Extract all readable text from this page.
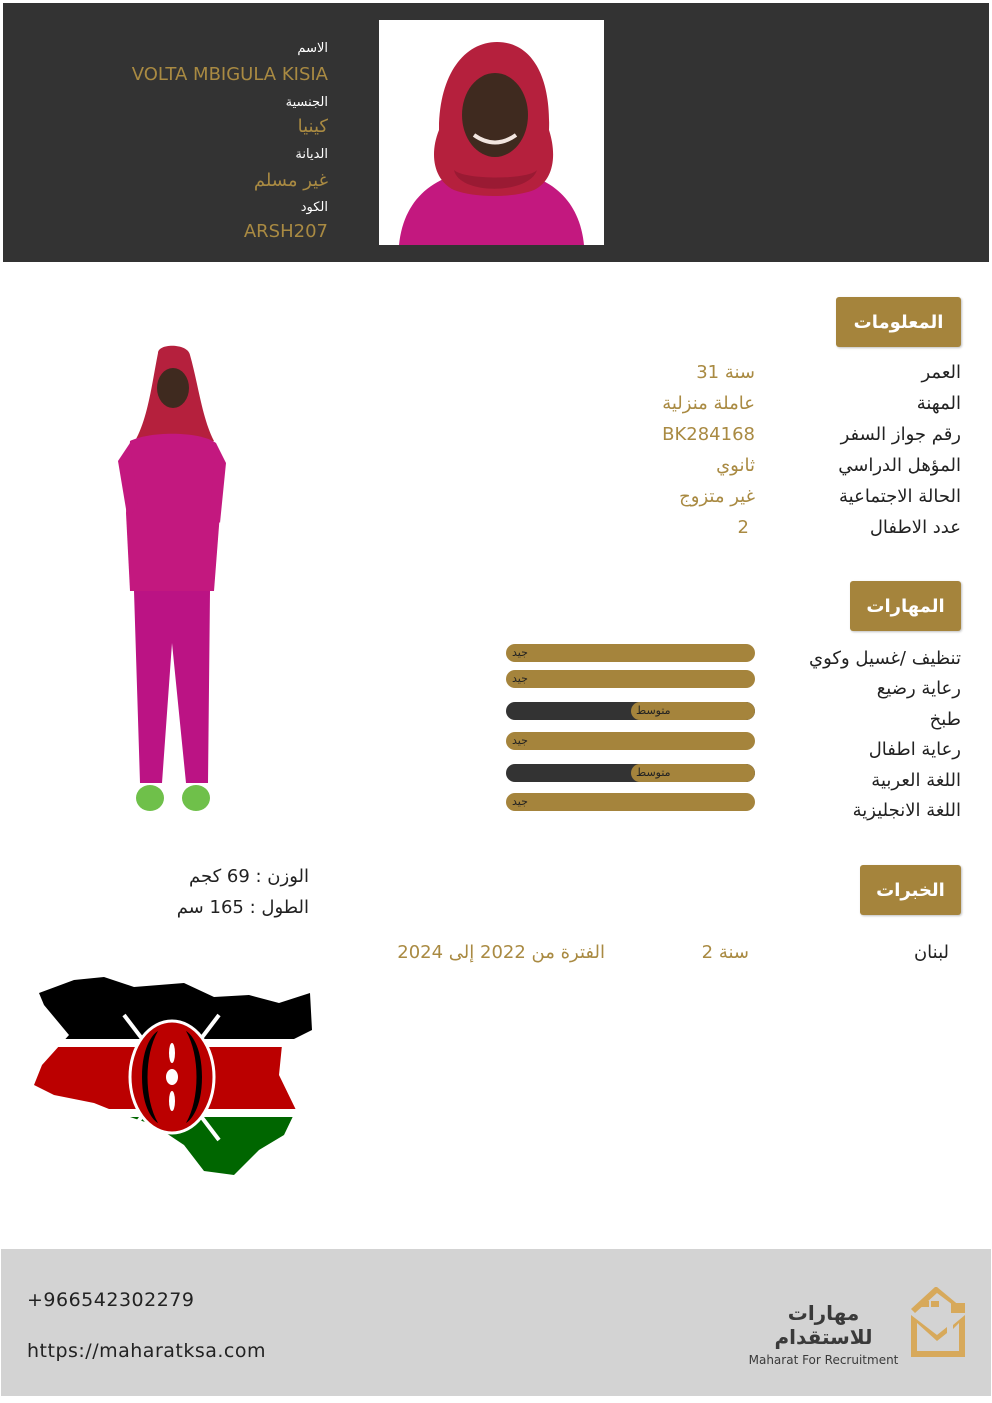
الاسم
VOLTA MBIGULA KISIA
الجنسية
كينيا
الديانة
غير مسلم
الكود
ARSH207
المعلومات
العمر
31 سنة
المهنة
عاملة منزلية
رقم جواز السفر
BK284168
المؤهل الدراسي
ثانوي
الحالة الاجتماعية
غير متزوج
عدد الاطفال
2
المهارات
تنظيف /غسيل وكوي
رعاية رضيع
طبخ
رعاية اطفال
اللغة العربية
اللغة الانجليزية
جيد
جيد
متوسط
جيد
متوسط
جيد
الوزن : 69 كجم
الطول : 165 سم
الخبرات
لبنان
2 سنة
الفترة من 2022 إلى 2024
+966542302279
https://maharatksa.com
مهارات للاستقدام
Maharat For Recruitment
